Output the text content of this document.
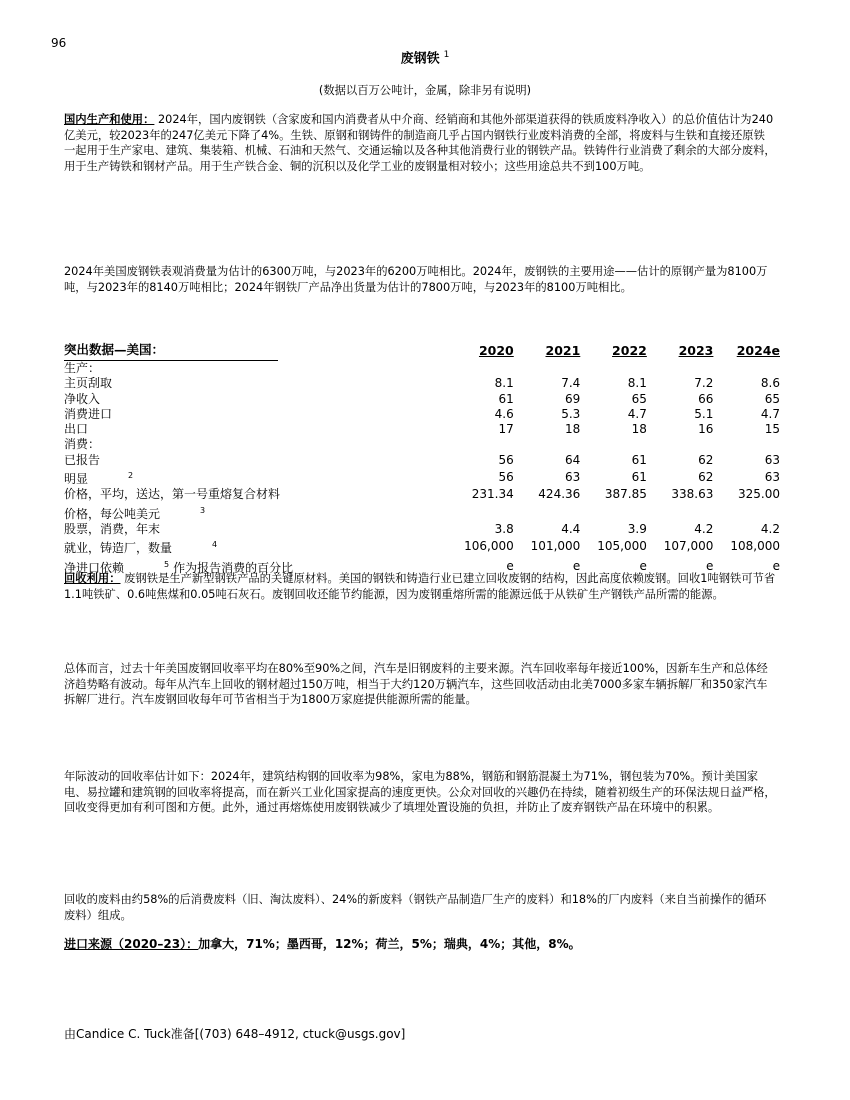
96
废钢铁 $^1$
(数据以百万公吨计，金属，除非另有说明)

国内生产和使用： 2024年，国内废钢铁（含家废和国内消费者从中介商、经销商和其他外部渠道获得的铁质废料净收入）的总价值估计为240亿美元，较2023年的247亿美元下降了4%。生铁、原钢和钢铸件的制造商几乎占国内钢铁行业废料消费的全部，将废料与生铁和直接还原铁一起用于生产家电、建筑、集装箱、机械、石油和天然气、交通运输以及各种其他消费行业的钢铁产品。铁铸件行业消费了剩余的大部分废料，用于生产铸铁和钢材产品。用于生产铁合金、铜的沉积以及化学工业的废钢量相对较小；这些用途总共不到100万吨。

2024年美国废钢铁表观消费量为估计的6300万吨，与2023年的6200万吨相比。2024年，废钢铁的主要用途——估计的原钢产量为8100万吨，与2023年的8140万吨相比；2024年钢铁厂产品净出货量为估计的7800万吨，与2023年的8100万吨相比。
突出数据—美国：	2020	2021	2022	2023	2024e
生产：					
主页刮取	8.1	7.4	8.1	7.2	8.6
净收入	61	69	65	66	65
消费进口	4.6	5.3	4.7	5.1	4.7
出口	17	18	18	16	15
消费：					
已报告	56	64	61	62	63
明显 $^2$	56	63	61	62	63
价格，平均，送达，第一号重熔复合材料	231.34	424.36	387.85	338.63	325.00
价格，每公吨美元 $^3$					
股票，消费，年末	3.8	4.4	3.9	4.2	4.2
就业，铸造厂，数量 $^4$	106,000	101,000	105,000	107,000	108,000
净进口依赖 $^5$ 作为报告消费的百分比	e	e	e	e	e

回收利用： 废钢铁是生产新型钢铁产品的关键原材料。美国的钢铁和铸造行业已建立回收废钢的结构，因此高度依赖废钢。回收1吨钢铁可节省1.1吨铁矿、0.6吨焦煤和0.05吨石灰石。废钢回收还能节约能源，因为废钢重熔所需的能源远低于从铁矿生产钢铁产品所需的能源。

总体而言，过去十年美国废钢回收率平均在80%至90%之间，汽车是旧钢废料的主要来源。汽车回收率每年接近100%，因新车生产和总体经济趋势略有波动。每年从汽车上回收的钢材超过150万吨，相当于大约120万辆汽车，这些回收活动由北美7000多家车辆拆解厂和350家汽车拆解厂进行。汽车废钢回收每年可节省相当于为1800万家庭提供能源所需的能量。
年际波动的回收率估计如下：2024年，建筑结构钢的回收率为98%，家电为88%，钢筋和钢筋混凝土为71%，钢包装为70%。预计美国家电、易拉罐和建筑钢的回收率将提高，而在新兴工业化国家提高的速度更快。公众对回收的兴趣仍在持续，随着初级生产的环保法规日益严格，回收变得更加有利可图和方便。此外，通过再熔炼使用废钢铁减少了填埋处置设施的负担，并防止了废弃钢铁产品在环境中的积累。
回收的废料由约58%的后消费废料（旧、淘汰废料）、24%的新废料（钢铁产品制造厂生产的废料）和18%的厂内废料（来自当前操作的循环废料）组成。
进口来源（2020–23）：加拿大，71%；墨西哥，12%；荷兰，5%；瑞典，4%；其他，8%。
由Candice C. Tuck准备[(703) 648–4912, ctuck@usgs.gov]
